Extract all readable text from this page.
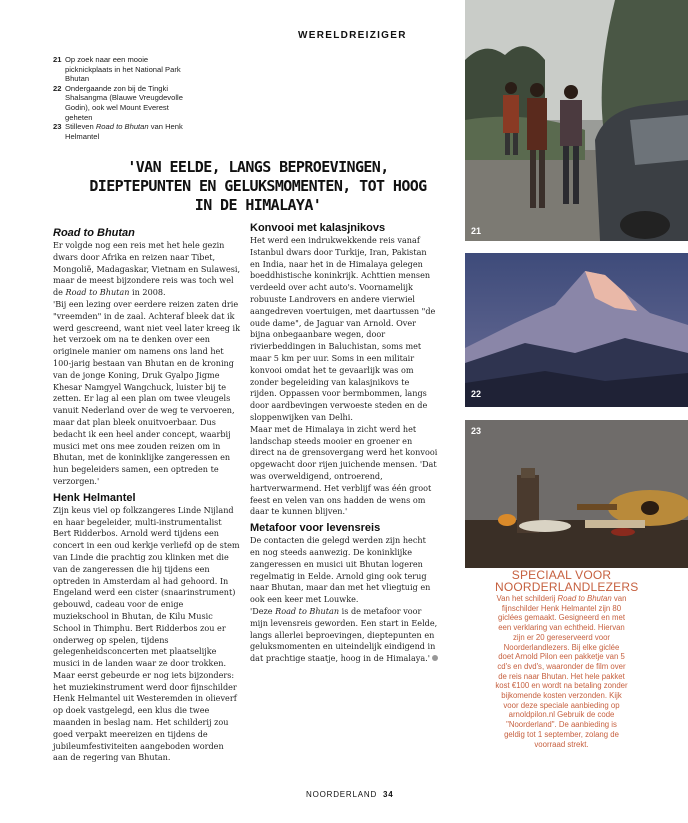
WERELDREIZIGER
21 Op zoek naar een mooie picknickplaats in het National Park Bhutan
22 Ondergaande zon bij de Tingki Shalsangma (Blauwe Vreugdevolle Godin), ook wel Mount Everest geheten
23 Stilleven Road to Bhutan van Henk Helmantel
'VAN EELDE, LANGS BEPROEVINGEN, DIEPTEPUNTEN EN GELUKSMOMENTEN, TOT HOOG IN DE HIMALAYA'
Road to Bhutan

Er volgde nog een reis met het hele gezin dwars door Afrika en reizen naar Tibet, Mongolië, Madagaskar, Vietnam en Sulawesi, maar de meest bijzondere reis was toch wel de Road to Bhutan in 2008.

'Bij een lezing over eerdere reizen zaten drie "vreemden" in de zaal. Achteraf bleek dat ik werd gescreend, want niet veel later kreeg ik het verzoek om na te denken over een originele manier om namens ons land het 100-jarig bestaan van Bhutan en de kroning van de jonge Koning, Druk Gyalpo Jigme Khesar Namgyel Wangchuck, luister bij te zetten. Er lag al een plan om twee vleugels vanuit Nederland over de weg te vervoeren, maar dat plan bleek onuitvoerbaar. Dus bedacht ik een heel ander concept, waarbij musici met ons mee zouden reizen om in Bhutan, met de koninklijke zangeressen en hun begeleiders samen, een optreden te verzorgen.'

Henk Helmantel

Zijn keus viel op folkzangeres Linde Nijland en haar begeleider, multi-instrumentalist Bert Ridderbos. Arnold werd tijdens een concert in een oud kerkje verliefd op de stem van Linde die prachtig zou klinken met die van de zangeressen die hij tijdens een optreden in Amsterdam al had gehoord. In Engeland werd een cister (snaarinstrument) gebouwd, cadeau voor de enige muziekschool in Bhutan, de Kilu Music School in Thimphu. Bert Ridderbos zou er onderweg op spelen, tijdens gelegenheidsconcerten met plaatselijke musici in de landen waar ze door trokken. Maar eerst gebeurde er nog iets bijzonders: het muziekinstrument werd door fijnschilder Henk Helmantel uit Westeremden in olieverf op doek vastgelegd, een klus die twee maanden in beslag nam. Het schilderij zou goed verpakt meereizen en tijdens de jubileumfestiviteiten aangeboden worden aan de regering van Bhutan.

Konvooi met kalasjnikovs

Het werd een indrukwekkende reis vanaf Istanbul dwars door Turkije, Iran, Pakistan en India, naar het in de Himalaya gelegen boeddhistische koninkrijk. Achttien mensen verdeeld over acht auto's. Voornamelijk robuuste Landrovers en andere vierwiel aangedreven voertuigen, met daartussen "de oude dame", de Jaguar van Arnold. Over bijna onbegaanbare wegen, door rivierbeddingen in Baluchistan, soms met maar 5 km per uur. Soms in een militair konvooi omdat het te gevaarlijk was om zonder begeleiding van kalasjnikovs te rijden. Oppassen voor bermbommen, langs door aardbevingen verwoeste steden en de sloppenwijken van Delhi.

Maar met de Himalaya in zicht werd het landschap steeds mooier en groener en direct na de grensovergang werd het konvooi opgewacht door rijen juichende mensen. 'Dat was overweldigend, ontroerend, hartverwarmend. Het verblijf was één groot feest en velen van ons hadden de wens om daar te kunnen blijven.'

Metafoor voor levensreis

De contacten die gelegd werden zijn hecht en nog steeds aanwezig. De koninklijke zangeressen en musici uit Bhutan logeren regelmatig in Eelde. Arnold ging ook terug naar Bhutan, maar dan met het vliegtuig en ook een keer met Louwke.

'Deze Road to Bhutan is de metafoor voor mijn levensreis geworden. Een start in Eelde, langs allerlei beproevingen, dieptepunten en geluksmomenten en uiteindelijk eindigend in dat prachtige staatje, hoog in de Himalaya.'

21
22
23
SPECIAAL VOOR
NOORDERLANDLEZERS

Van het schilderij Road to Bhutan van fijnschilder Henk Helmantel zijn 80 giclées gemaakt. Gesigneerd en met een verklaring van echtheid. Hiervan zijn er 20 gereserveerd voor Noorderlandlezers. Bij elke giclée doet Arnold Pilon een pakketje van 5 cd's en dvd's, waaronder de film over de reis naar Bhutan. Het hele pakket kost €100 en wordt na betaling zonder bijkomende kosten verzonden. Kijk voor deze speciale aanbieding op arnoldpilon.nl Gebruik de code "Noorderland". De aanbieding is geldig tot 1 september, zolang de voorraad strekt.

NOORDERLAND 34
